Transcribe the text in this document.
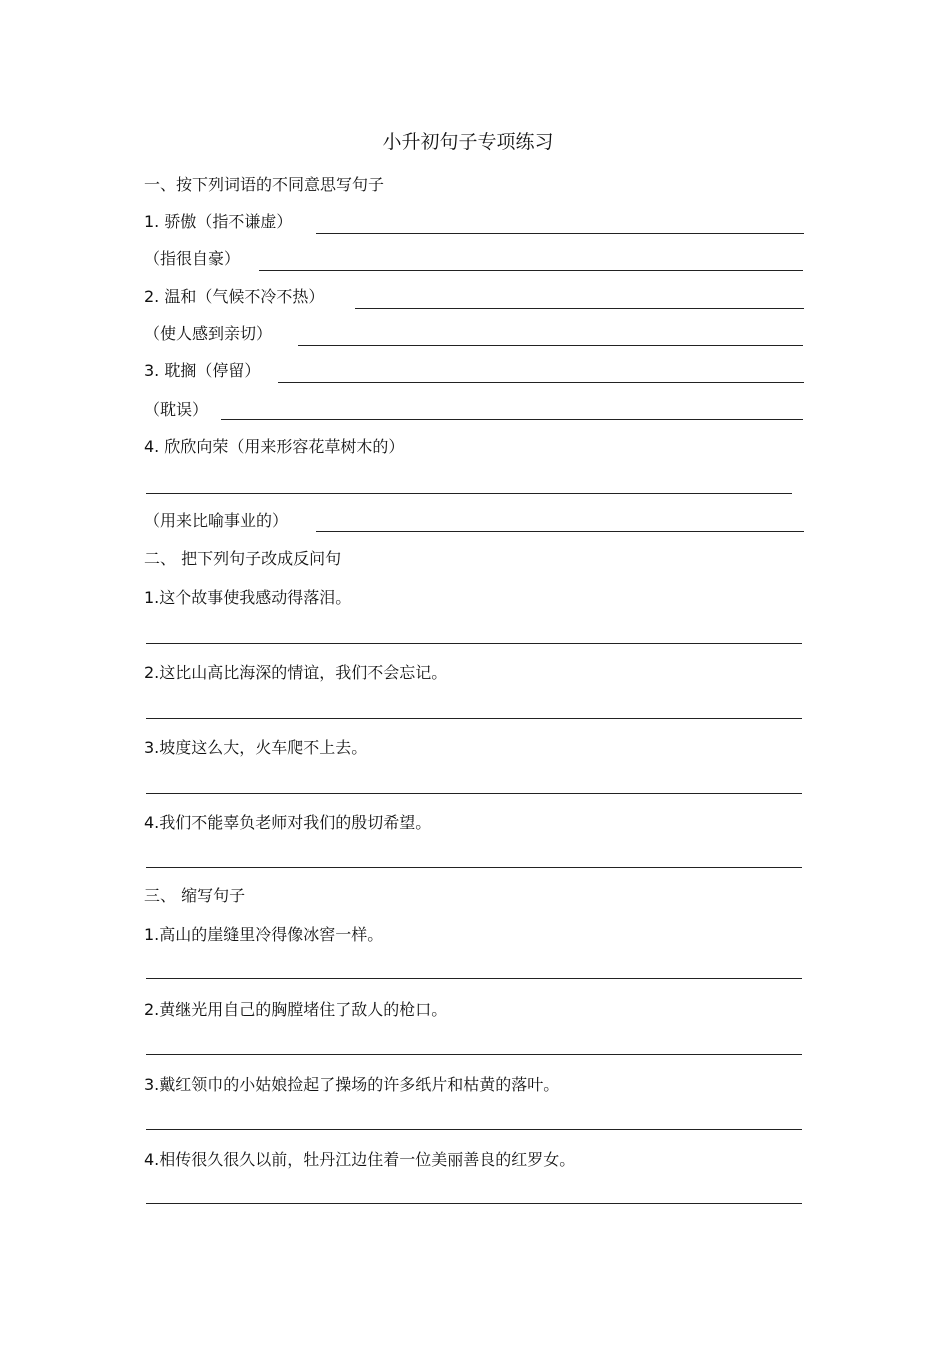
小升初句子专项练习
一、按下列词语的不同意思写句子
1. 骄傲（指不谦虚）
（指很自豪）
2. 温和（气候不冷不热）
（使人感到亲切）
3. 耽搁（停留）
（耽误）
4. 欣欣向荣（用来形容花草树木的）
（用来比喻事业的）
二、 把下列句子改成反问句
1.这个故事使我感动得落泪。
2.这比山高比海深的情谊，我们不会忘记。
3.坡度这么大，火车爬不上去。
4.我们不能辜负老师对我们的殷切希望。
三、 缩写句子
1.高山的崖缝里冷得像冰窖一样。
2.黄继光用自己的胸膛堵住了敌人的枪口。
3.戴红领巾的小姑娘捡起了操场的许多纸片和枯黄的落叶。
4.相传很久很久以前，牡丹江边住着一位美丽善良的红罗女。
